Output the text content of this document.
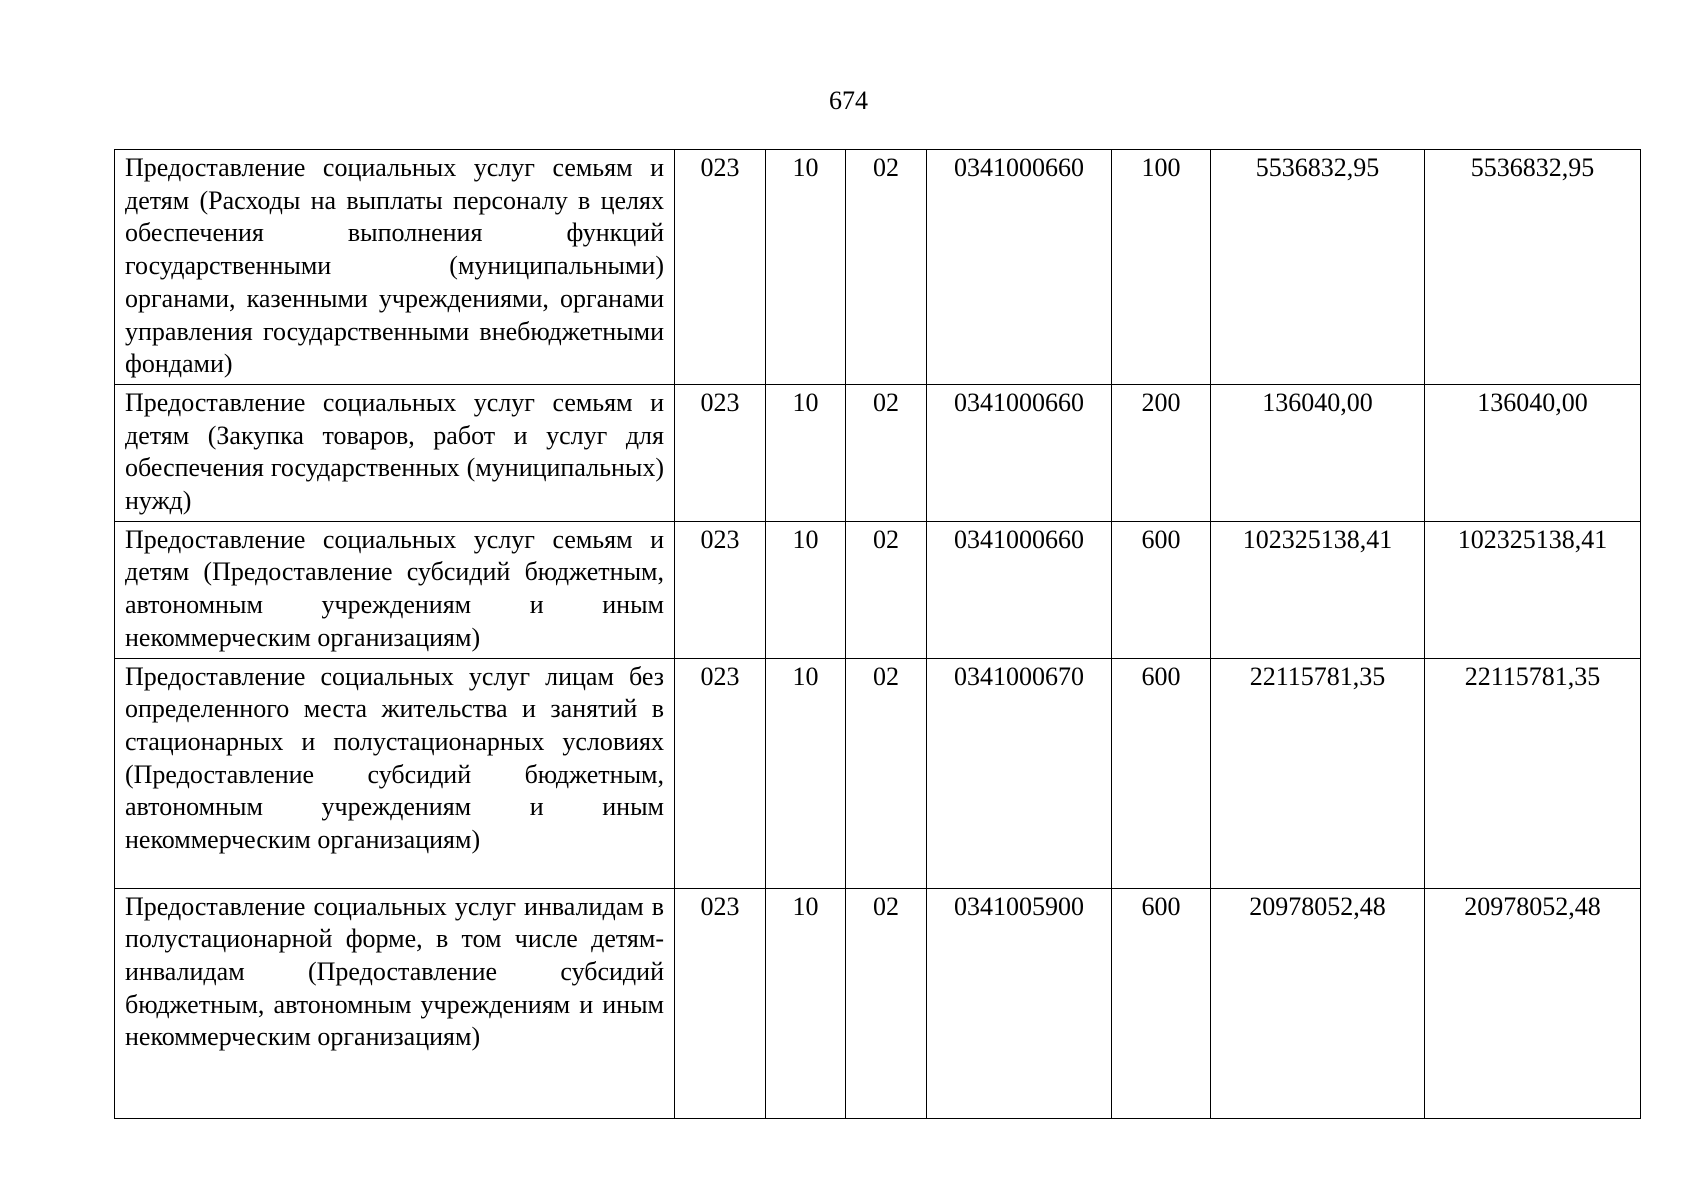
674
Предоставление социальных услуг семьям и детям (Расходы на выплаты персоналу в целях обеспечения выполнения функций государственными (муниципальными) органами, казенными учреждениями, органами управления государственными внебюджетными фондами)	023	10	02	0341000660	100	5536832,95	5536832,95
Предоставление социальных услуг семьям и детям (Закупка товаров, работ и услуг для обеспечения государственных (муниципальных) нужд)	023	10	02	0341000660	200	136040,00	136040,00
Предоставление социальных услуг семьям и детям (Предоставление субсидий бюджетным, автономным учреждениям и иным некоммерческим организациям)	023	10	02	0341000660	600	102325138,41	102325138,41
Предоставление социальных услуг лицам без определенного места жительства и занятий в стационарных и полустационарных условиях (Предоставление субсидий бюджетным, автономным учреждениям и иным некоммерческим организациям)	023	10	02	0341000670	600	22115781,35	22115781,35
Предоставление социальных услуг инвалидам в полустационарной форме, в том числе детям-инвалидам (Предоставление субсидий бюджетным, автономным учреждениям и иным некоммерческим организациям)	023	10	02	0341005900	600	20978052,48	20978052,48
